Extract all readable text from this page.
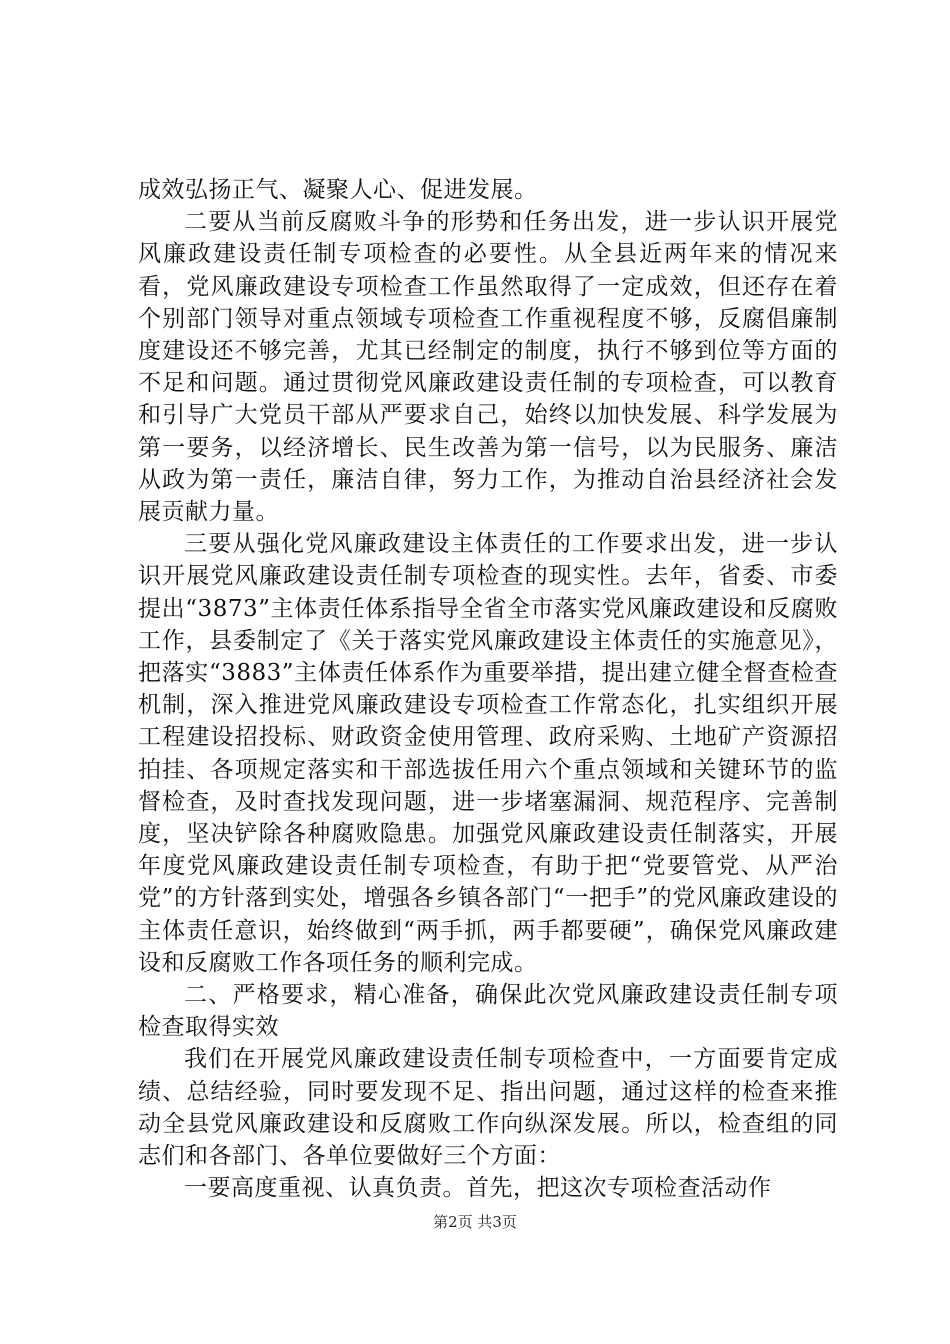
成效弘扬正气、凝聚人心、促进发展。

二要从当前反腐败斗争的形势和任务出发，进一步认识开展党风廉政建设责任制专项检查的必要性。从全县近两年来的情况来看，党风廉政建设专项检查工作虽然取得了一定成效，但还存在着个别部门领导对重点领域专项检查工作重视程度不够，反腐倡廉制度建设还不够完善，尤其已经制定的制度，执行不够到位等方面的不足和问题。通过贯彻党风廉政建设责任制的专项检查，可以教育和引导广大党员干部从严要求自己，始终以加快发展、科学发展为第一要务，以经济增长、民生改善为第一信号，以为民服务、廉洁从政为第一责任，廉洁自律，努力工作，为推动自治县经济社会发展贡献力量。

三要从强化党风廉政建设主体责任的工作要求出发，进一步认识开展党风廉政建设责任制专项检查的现实性。去年，省委、市委提出“3873”主体责任体系指导全省全市落实党风廉政建设和反腐败工作，县委制定了《关于落实党风廉政建设主体责任的实施意见》，把落实“3883”主体责任体系作为重要举措，提出建立健全督查检查机制，深入推进党风廉政建设专项检查工作常态化，扎实组织开展工程建设招投标、财政资金使用管理、政府采购、土地矿产资源招拍挂、各项规定落实和干部选拔任用六个重点领域和关键环节的监督检查，及时查找发现问题，进一步堵塞漏洞、规范程序、完善制度，坚决铲除各种腐败隐患。加强党风廉政建设责任制落实，开展年度党风廉政建设责任制专项检查，有助于把“党要管党、从严治党”的方针落到实处，增强各乡镇各部门“一把手”的党风廉政建设的主体责任意识，始终做到“两手抓，两手都要硬”，确保党风廉政建设和反腐败工作各项任务的顺利完成。

二、严格要求，精心准备，确保此次党风廉政建设责任制专项检查取得实效

我们在开展党风廉政建设责任制专项检查中，一方面要肯定成绩、总结经验，同时要发现不足、指出问题，通过这样的检查来推动全县党风廉政建设和反腐败工作向纵深发展。所以，检查组的同志们和各部门、各单位要做好三个方面：

一要高度重视、认真负责。首先，把这次专项检查活动作

第2页 共3页
